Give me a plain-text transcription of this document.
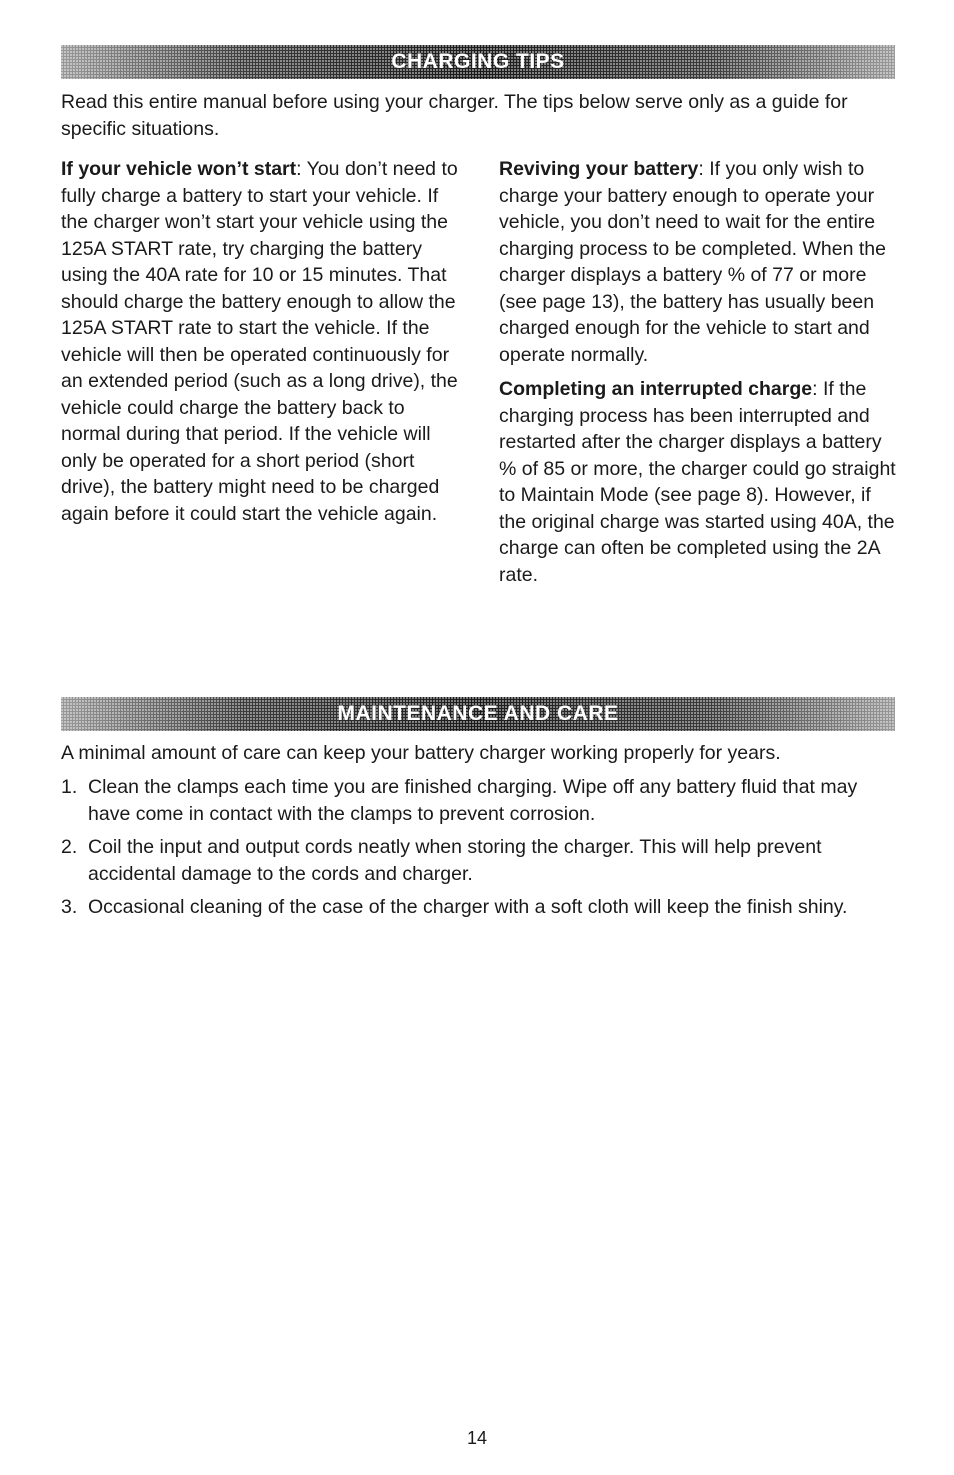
CHARGING TIPS

Read this entire manual before using your charger. The tips below serve only as a guide for specific situations.

If your vehicle won’t start: You don’t need to fully charge a battery to start your vehicle. If the charger won’t start your vehicle using the 125A START rate, try charging the battery using the 40A rate for 10 or 15 minutes. That should charge the battery enough to allow the 125A START rate to start the vehicle. If the vehicle will then be operated continuously for an extended period (such as a long drive), the vehicle could charge the battery back to normal during that period. If the vehicle will only be operated for a short period (short drive), the battery might need to be charged again before it could start the vehicle again.

Reviving your battery: If you only wish to charge your battery enough to operate your vehicle, you don’t need to wait for the entire charging process to be completed. When the charger displays a battery % of 77 or more (see page 13), the battery has usually been charged enough for the vehicle to start and operate normally.

Completing an interrupted charge: If the charging process has been interrupted and restarted after the charger displays a battery % of 85 or more, the charger could go straight to Maintain Mode (see page 8). However, if the original charge was started using 40A, the charge can often be completed using the 2A rate.

MAINTENANCE AND CARE

A minimal amount of care can keep your battery charger working properly for years.

1. Clean the clamps each time you are finished charging. Wipe off any battery fluid that may have come in contact with the clamps to prevent corrosion.
2. Coil the input and output cords neatly when storing the charger. This will help prevent accidental damage to the cords and charger.
3. Occasional cleaning of the case of the charger with a soft cloth will keep the finish shiny.
14
